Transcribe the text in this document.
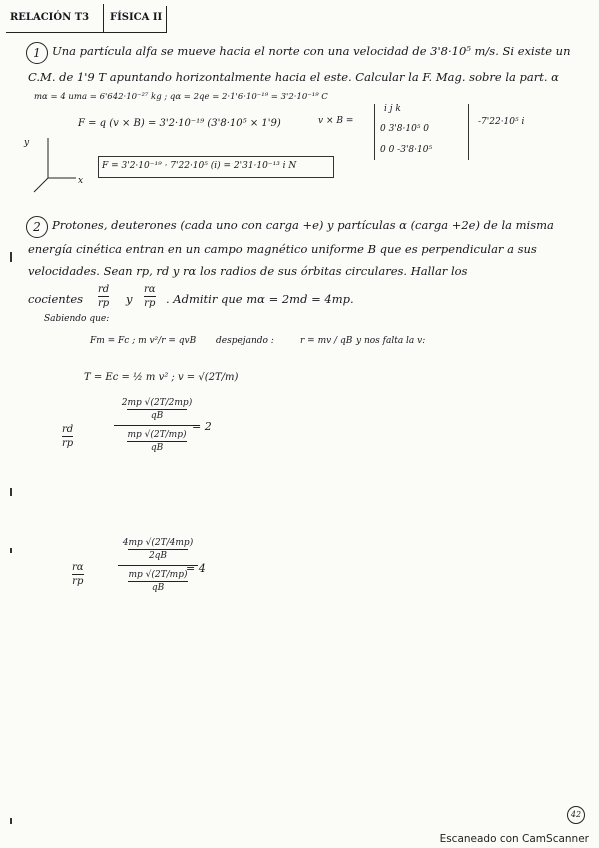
RELACIÓN T3 FÍSICA II
1 Una partícula alfa se mueve hacia el norte con una velocidad de 3'8·10⁵ m/s. Si existe un
C.M. de 1'9 T apuntando horizontalmente hacia el este. Calcular la F. Mag. sobre la part. α
mα = 4 uma = 6'642·10⁻²⁷ kg ; qα = 2qe = 2·1'6·10⁻¹⁹ = 3'2·10⁻¹⁹ C
F = q (v × B) = 3'2·10⁻¹⁹ (3'8·10⁵ × 1'9)	v × B =
i j k
0 3'8·10⁵ 0
0 0 -3'8·10⁵
-7'22·10⁵ i
x
y
F = 3'2·10⁻¹⁹ · 7'22·10⁵ (i) = 2'31·10⁻¹³ i N
2 Protones, deuterones (cada uno con carga +e) y partículas α (carga +2e) de la misma
energía cinética entran en un campo magnético uniforme B que es perpendicular a sus
velocidades. Sean rp, rd y rα los radios de sus órbitas circulares. Hallar los
cocientes
rd
rp y
rα
rp . Admitir que mα = 2md = 4mp.
Sabiendo que:
Fm = Fc ; m v²/r = qvB despejando :	r = mv / qB y nos falta la v:
T = Ec = ½ m v² ; v = √(2T/m)
rd
rp
2mp √(2T/2mp)
qB
mp √(2T/mp)
qB
= 2
rα
rp
4mp √(2T/4mp)
2qB
mp √(2T/mp)
qB
= 4
42
Escaneado con CamScanner
